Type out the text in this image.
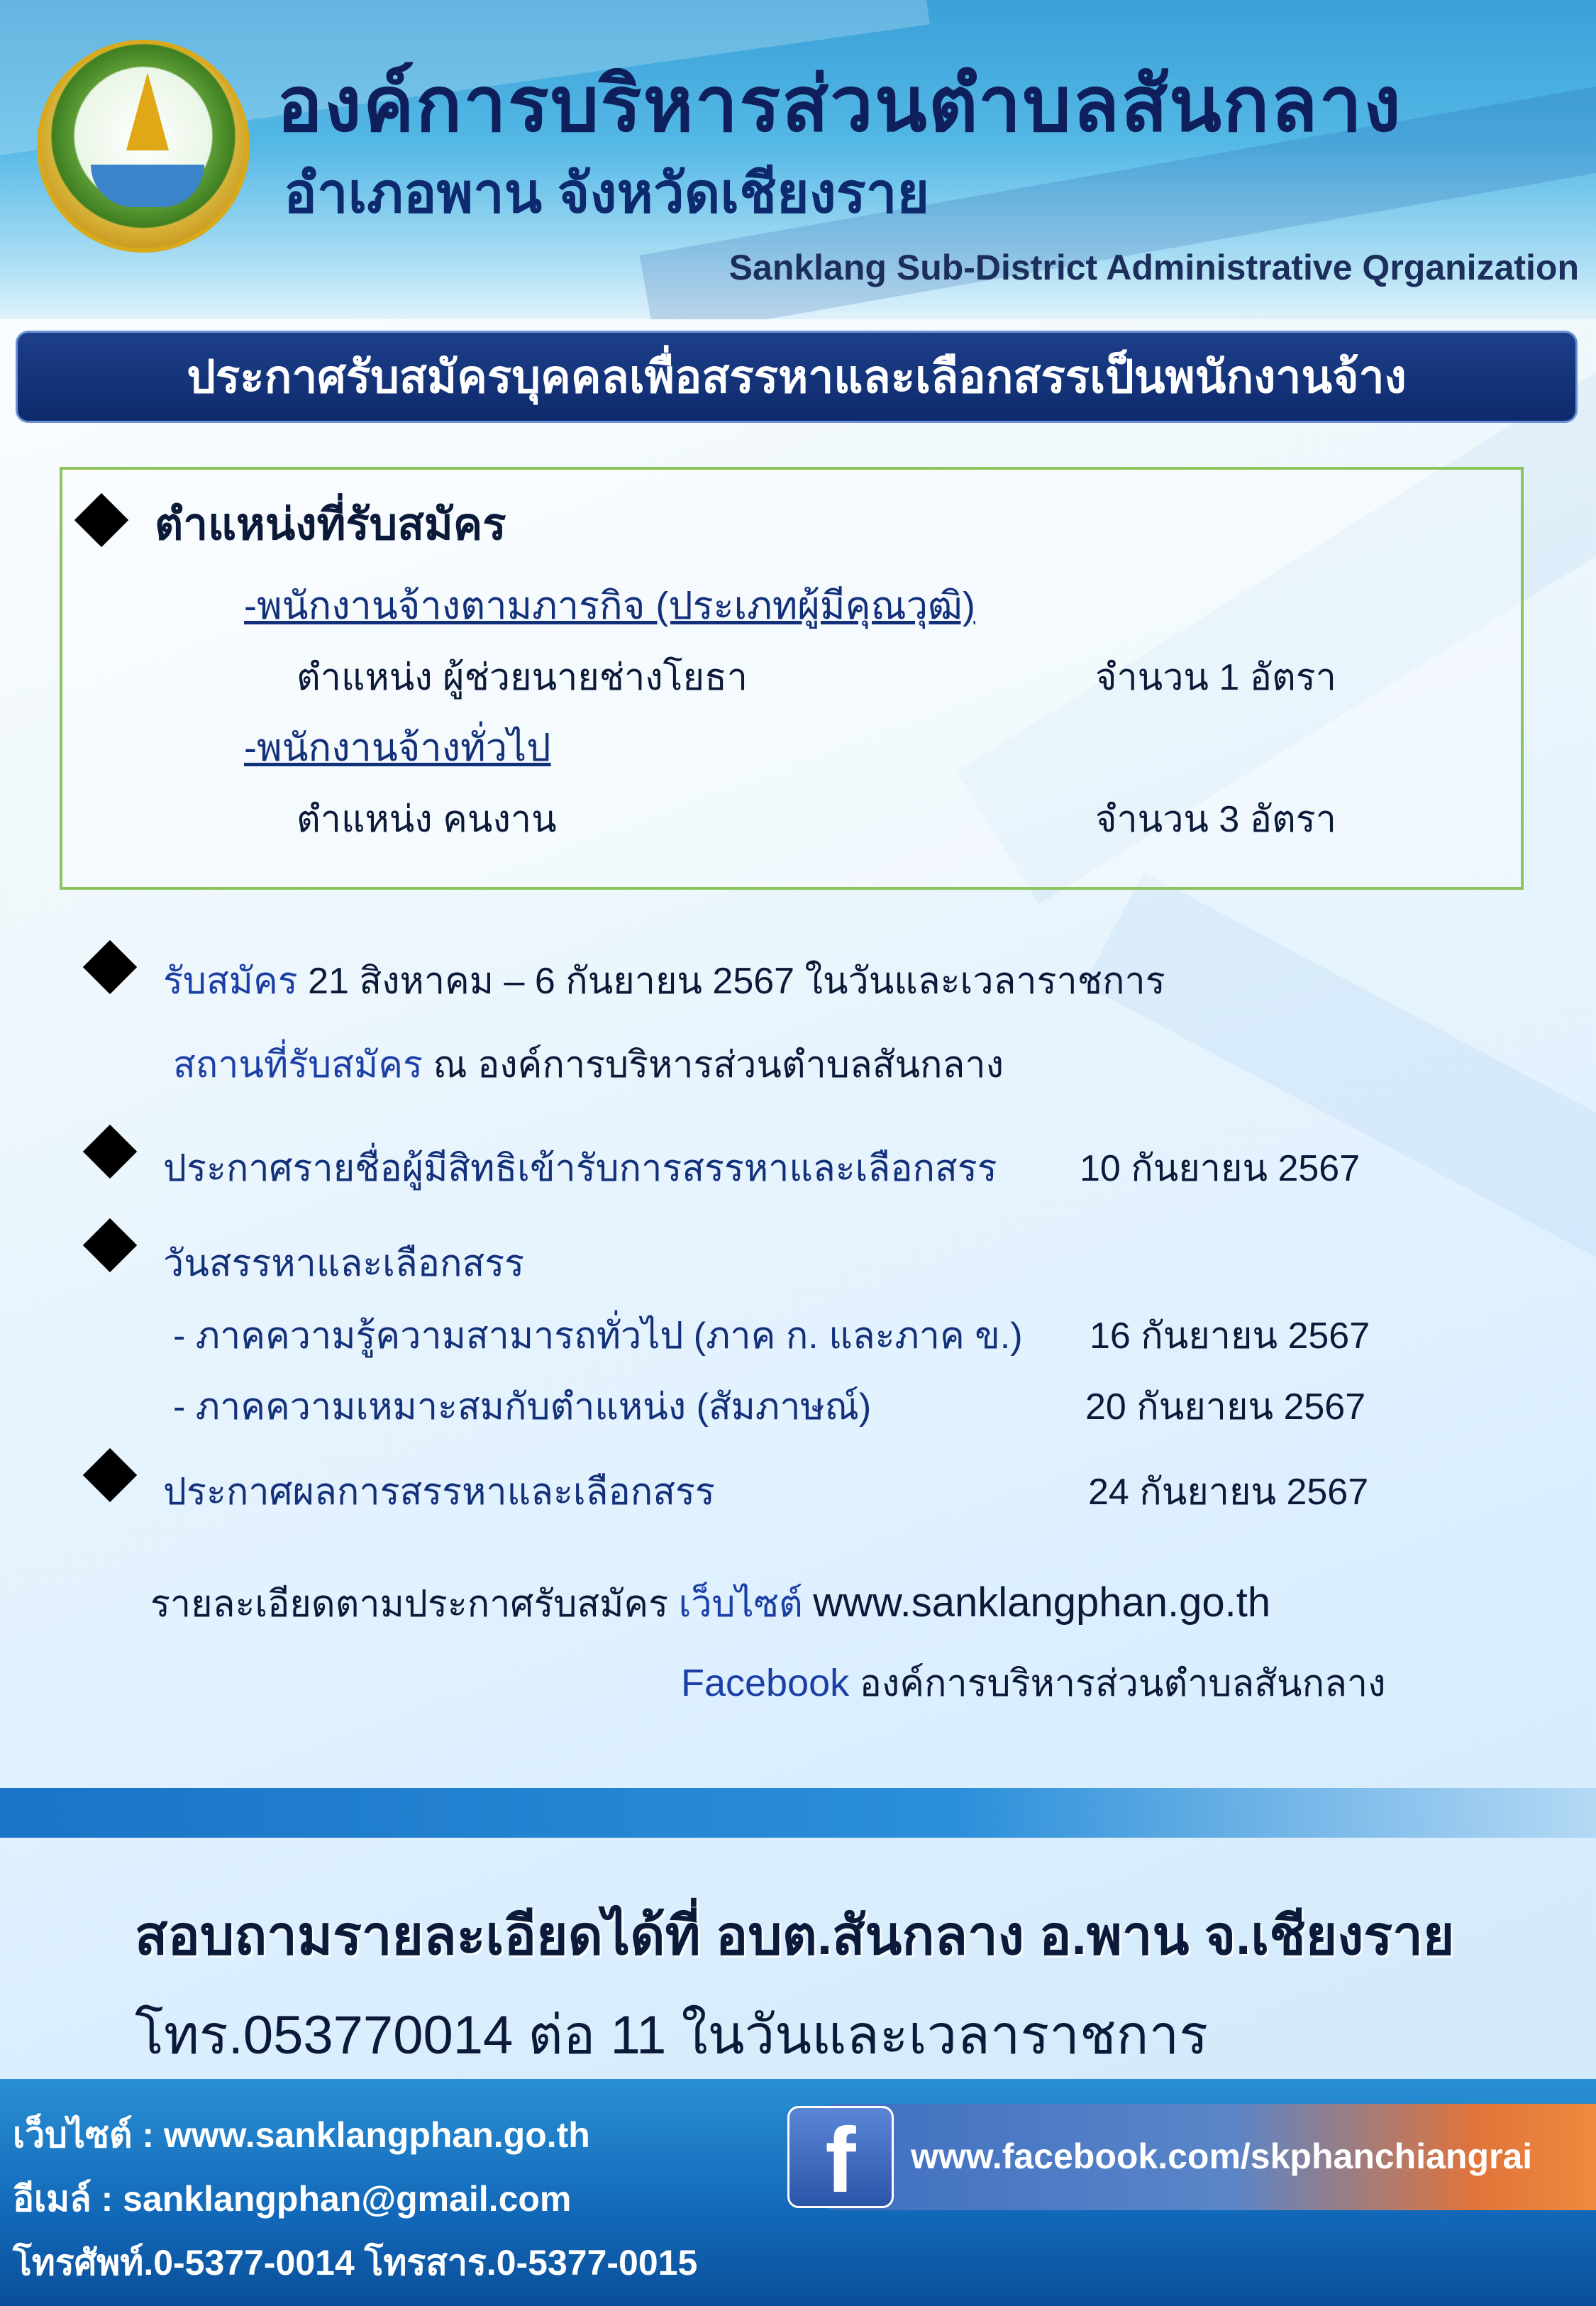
องค์การบริหารส่วนตำบลสันกลาง
อำเภอพาน จังหวัดเชียงราย
Sanklang Sub-District Administrative Qrganization
ประกาศรับสมัครบุคคลเพื่อสรรหาและเลือกสรรเป็นพนักงานจ้าง
ตำแหน่งที่รับสมัคร
-พนักงานจ้างตามภารกิจ (ประเภทผู้มีคุณวุฒิ)
ตำแหน่ง ผู้ช่วยนายช่างโยธา	จำนวน 1 อัตรา
-พนักงานจ้างทั่วไป
ตำแหน่ง คนงาน	จำนวน 3 อัตรา
รับสมัคร 21 สิงหาคม – 6 กันยายน 2567 ในวันและเวลาราชการ
สถานที่รับสมัคร ณ องค์การบริหารส่วนตำบลสันกลาง
ประกาศรายชื่อผู้มีสิทธิเข้ารับการสรรหาและเลือกสรร 10 กันยายน 2567
วันสรรหาและเลือกสรร
- ภาคความรู้ความสามารถทั่วไป (ภาค ก. และภาค ข.) 16 กันยายน 2567
- ภาคความเหมาะสมกับตำแหน่ง (สัมภาษณ์)	20 กันยายน 2567
ประกาศผลการสรรหาและเลือกสรร	24 กันยายน 2567
รายละเอียดตามประกาศรับสมัคร เว็บไซต์ www.sanklangphan.go.th
Facebook องค์การบริหารส่วนตำบลสันกลาง
สอบถามรายละเอียดได้ที่ อบต.สันกลาง อ.พาน จ.เชียงราย
โทร.053770014 ต่อ 11 ในวันและเวลาราชการ
เว็บไซต์ : www.sanklangphan.go.th
อีเมล์ : sanklangphan@gmail.com
โทรศัพท์.0-5377-0014 โทรสาร.0-5377-0015
f	www.facebook.com/skphanchiangrai
